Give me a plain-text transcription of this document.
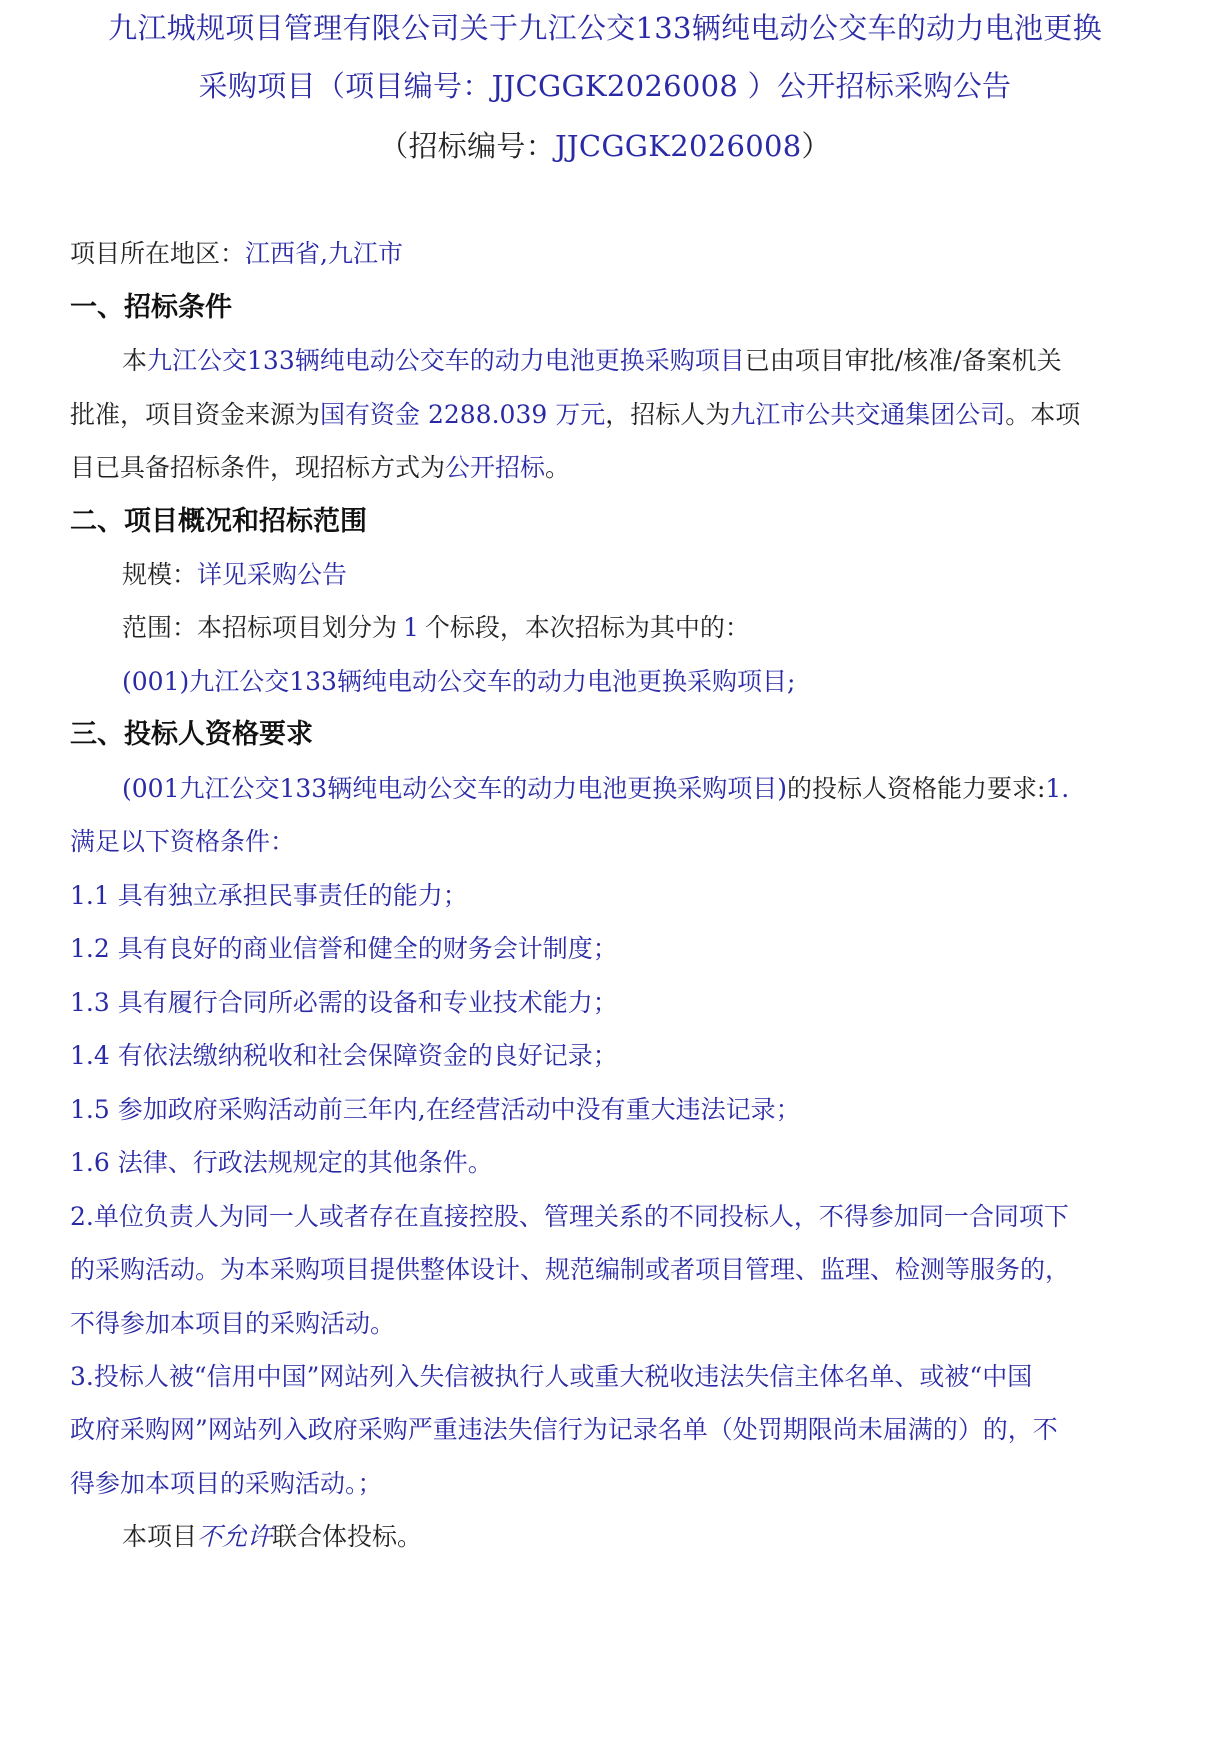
九江城规项目管理有限公司关于九江公交133辆纯电动公交车的动力电池更换
采购项目（项目编号：JJCGGK2026008 ）公开招标采购公告
（招标编号：JJCGGK2026008）
项目所在地区：江西省,九江市
一、招标条件
本九江公交133辆纯电动公交车的动力电池更换采购项目已由项目审批/核准/备案机关
批准，项目资金来源为国有资金 2288.039 万元，招标人为九江市公共交通集团公司。本项
目已具备招标条件，现招标方式为公开招标。
二、项目概况和招标范围
规模：详见采购公告
范围：本招标项目划分为 1 个标段，本次招标为其中的：
(001)九江公交133辆纯电动公交车的动力电池更换采购项目;
三、投标人资格要求
(001九江公交133辆纯电动公交车的动力电池更换采购项目)的投标人资格能力要求:1.
满足以下资格条件：
1.1 具有独立承担民事责任的能力；
1.2 具有良好的商业信誉和健全的财务会计制度；
1.3 具有履行合同所必需的设备和专业技术能力；
1.4 有依法缴纳税收和社会保障资金的良好记录；
1.5 参加政府采购活动前三年内,在经营活动中没有重大违法记录；
1.6 法律、行政法规规定的其他条件。
2.单位负责人为同一人或者存在直接控股、管理关系的不同投标人，不得参加同一合同项下
的采购活动。为本采购项目提供整体设计、规范编制或者项目管理、监理、检测等服务的，
不得参加本项目的采购活动。
3.投标人被“信用中国”网站列入失信被执行人或重大税收违法失信主体名单、或被“中国
政府采购网”网站列入政府采购严重违法失信行为记录名单（处罚期限尚未届满的）的，不
得参加本项目的采购活动。；
本项目不允许联合体投标。
